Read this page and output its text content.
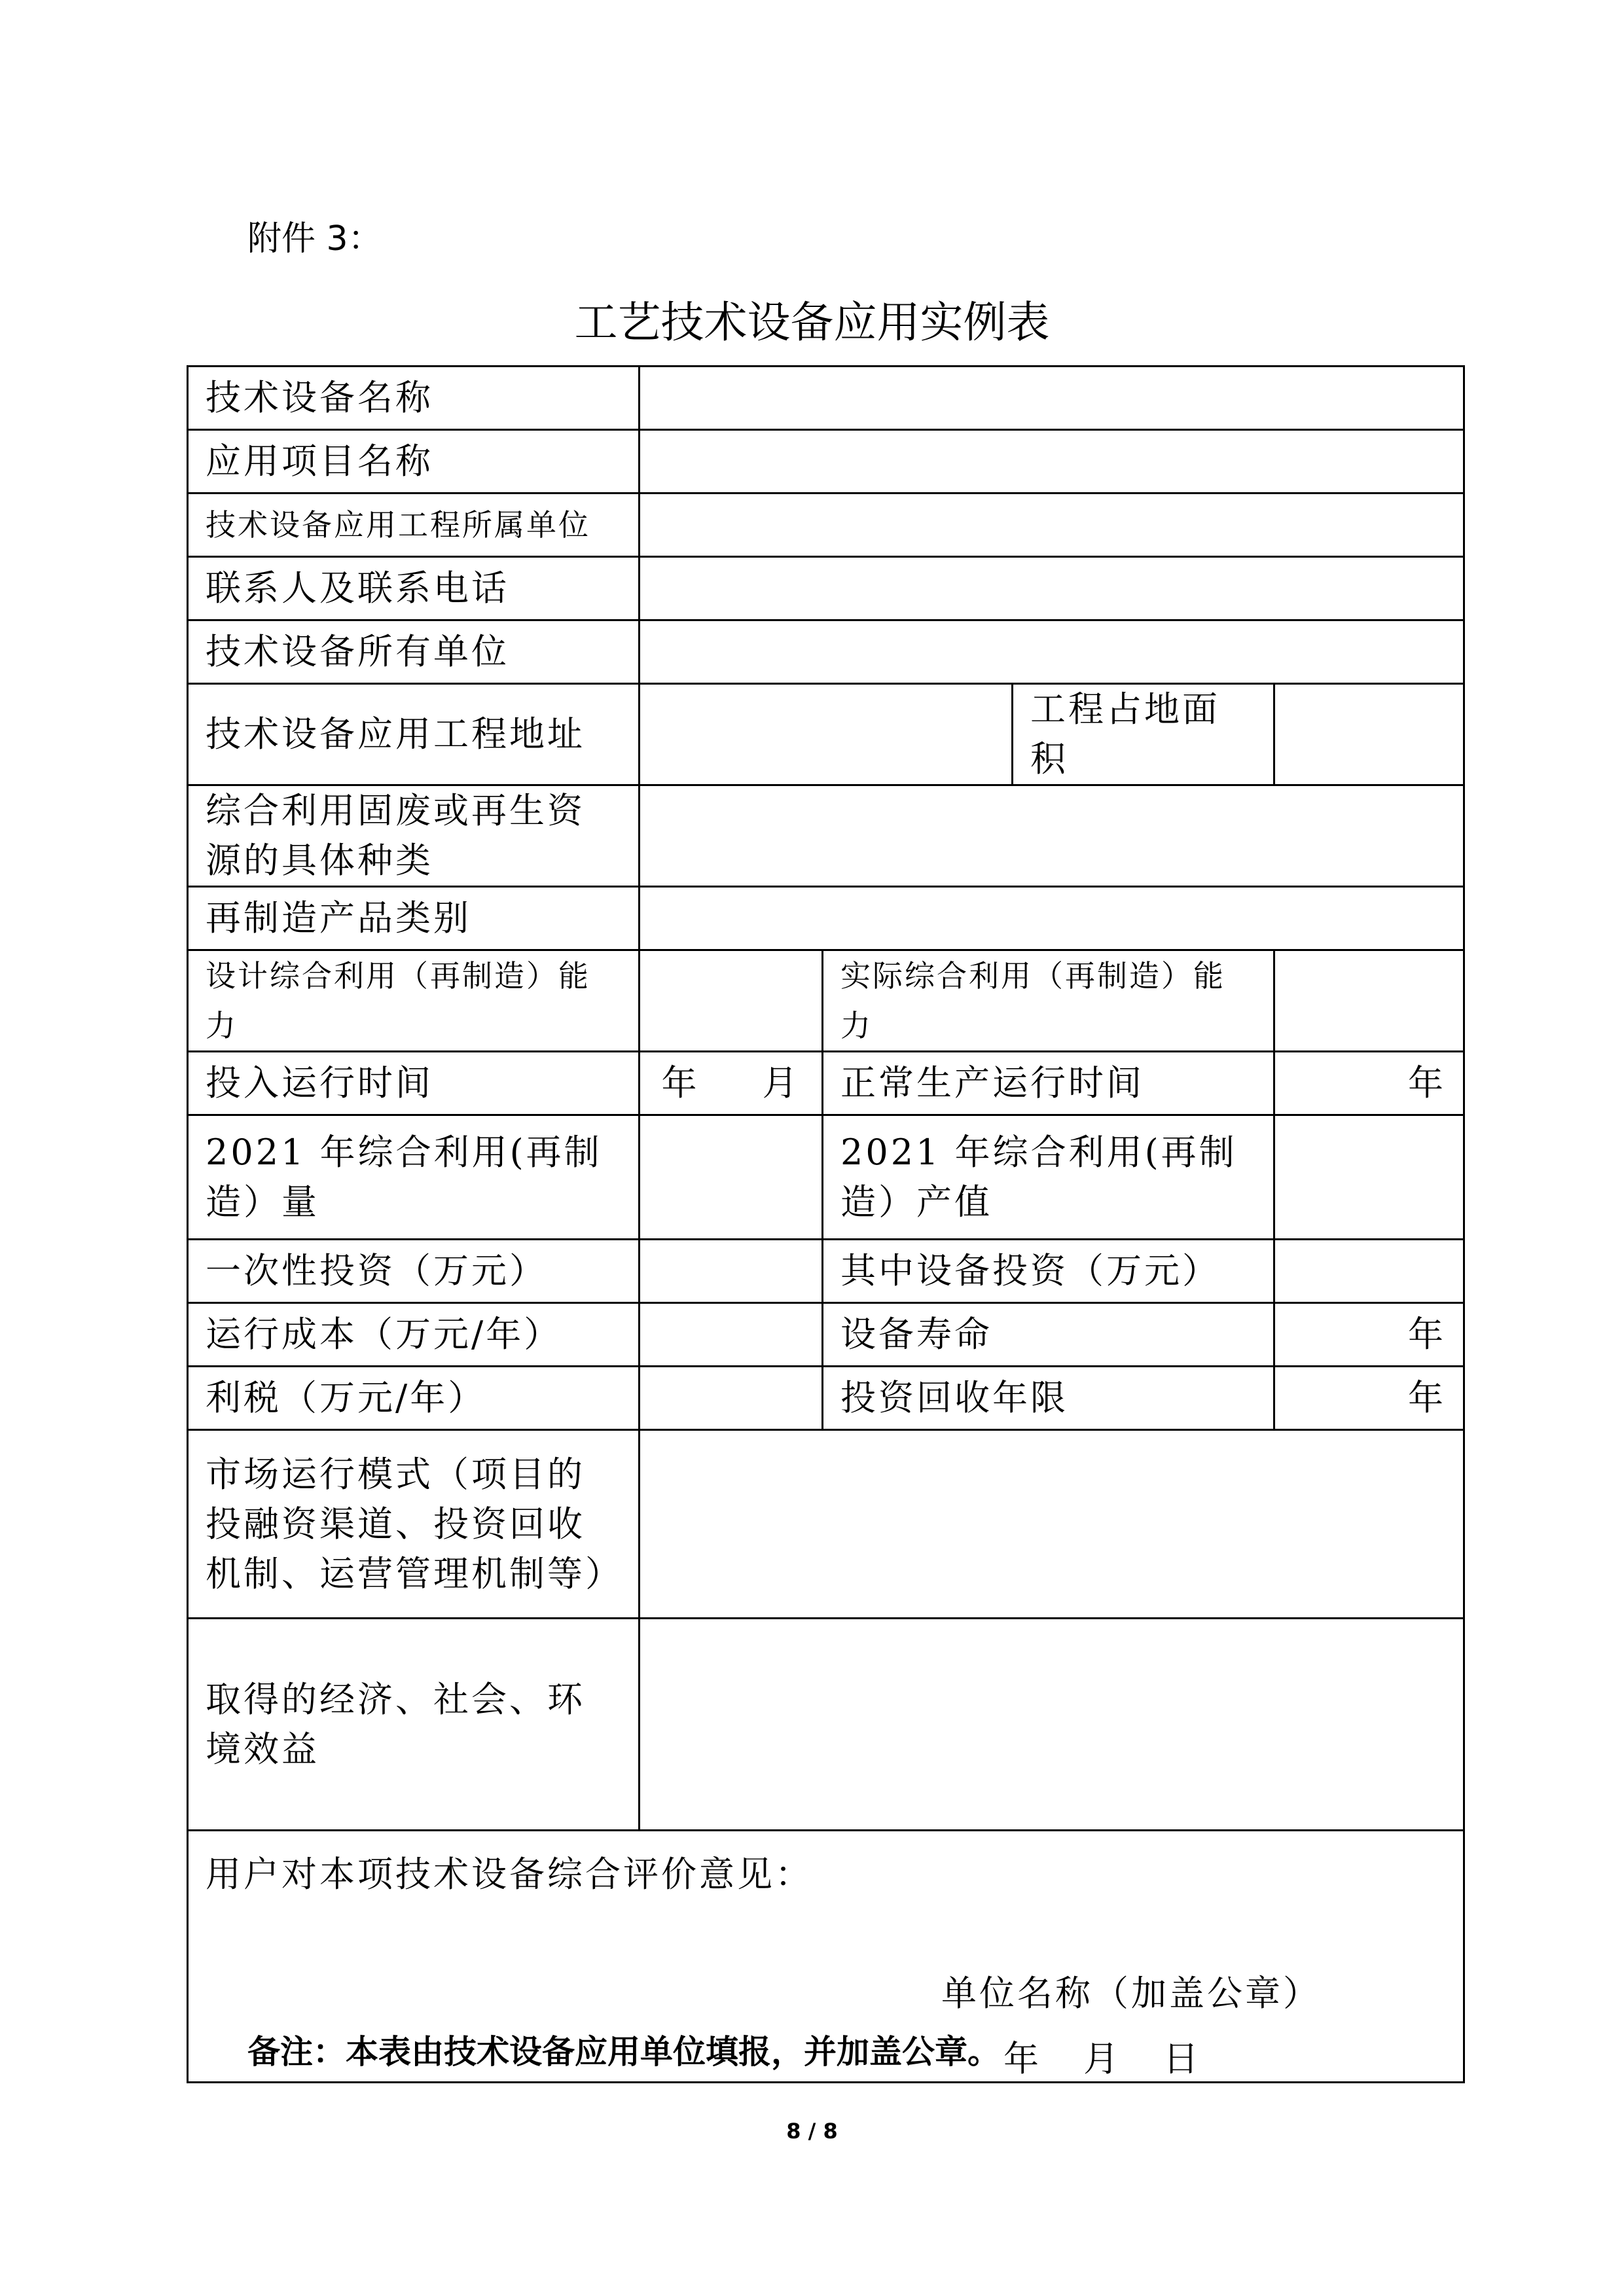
附件 3：
工艺技术设备应用实例表
技术设备名称				
应用项目名称				
技术设备应用工程所属单位				
联系人及联系电话				
技术设备所有单位				
技术设备应用工程地址			工程占地面积	
综合利用固废或再生资源的具体种类				
再制造产品类别				
设计综合利用（再制造）能力		实际综合利用（再制造）能力		
投入运行时间	年 月	正常生产运行时间		年
2021 年综合利用(再制造）量		2021 年综合利用(再制造）产值		
一次性投资（万元）		其中设备投资（万元）		
运行成本（万元/年）		设备寿命		年
利税（万元/年）		投资回收年限		年
市场运行模式（项目的投融资渠道、投资回收机制、运营管理机制等）				
取得的经济、社会、环境效益				

用户对本项技术设备综合评价意见：
单位名称（加盖公章）
年 月 日				
备注：本表由技术设备应用单位填报，并加盖公章。
8 / 8
